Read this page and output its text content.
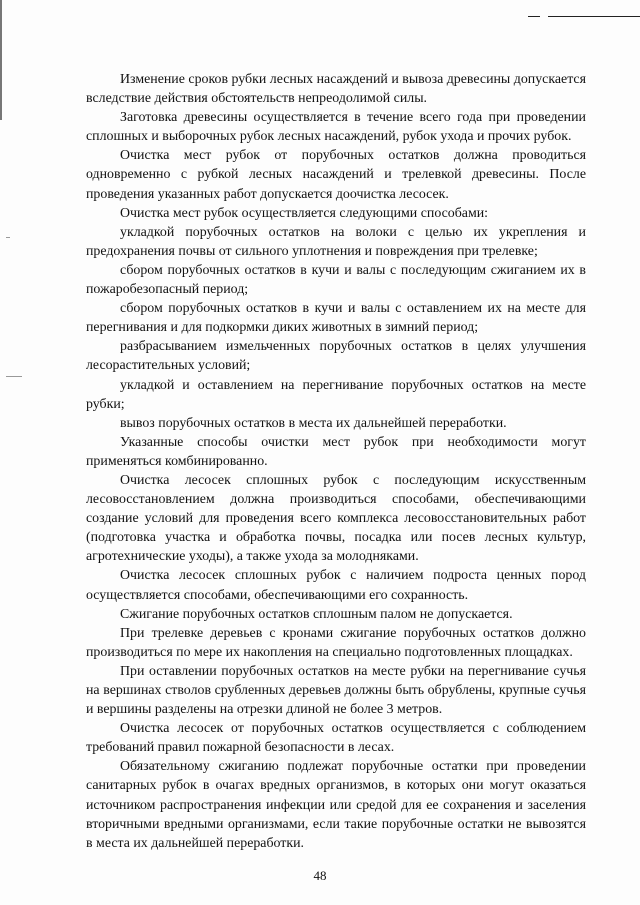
Изменение сроков рубки лесных насаждений и вывоза древесины допускается вследствие действия обстоятельств непреодолимой силы.

Заготовка древесины осуществляется в течение всего года при проведении сплошных и выборочных рубок лесных насаждений, рубок ухода и прочих рубок.

Очистка мест рубок от порубочных остатков должна проводиться одновременно с рубкой лесных насаждений и трелевкой древесины. После проведения указанных работ допускается доочистка лесосек.

Очистка мест рубок осуществляется следующими способами:

укладкой порубочных остатков на волоки с целью их укрепления и предохранения почвы от сильного уплотнения и повреждения при трелевке;

сбором порубочных остатков в кучи и валы с последующим сжиганием их в пожаробезопасный период;

сбором порубочных остатков в кучи и валы с оставлением их на месте для перегнивания и для подкормки диких животных в зимний период;

разбрасыванием измельченных порубочных остатков в целях улучшения лесорастительных условий;

укладкой и оставлением на перегнивание порубочных остатков на месте рубки;

вывоз порубочных остатков в места их дальнейшей переработки.

Указанные способы очистки мест рубок при необходимости могут применяться комбинированно.

Очистка лесосек сплошных рубок с последующим искусственным лесовосстановлением должна производиться способами, обеспечивающими создание условий для проведения всего комплекса лесовосстановительных работ (подготовка участка и обработка почвы, посадка или посев лесных культур, агротехнические уходы), а также ухода за молодняками.

Очистка лесосек сплошных рубок с наличием подроста ценных пород осуществляется способами, обеспечивающими его сохранность.

Сжигание порубочных остатков сплошным палом не допускается.

При трелевке деревьев с кронами сжигание порубочных остатков должно производиться по мере их накопления на специально подготовленных площадках.

При оставлении порубочных остатков на месте рубки на перегнивание сучья на вершинах стволов срубленных деревьев должны быть обрублены, крупные сучья и вершины разделены на отрезки длиной не более 3 метров.

Очистка лесосек от порубочных остатков осуществляется с соблюдением требований правил пожарной безопасности в лесах.

Обязательному сжиганию подлежат порубочные остатки при проведении санитарных рубок в очагах вредных организмов, в которых они могут оказаться источником распространения инфекции или средой для ее сохранения и заселения вторичными вредными организмами, если такие порубочные остатки не вывозятся в места их дальнейшей переработки.

48
